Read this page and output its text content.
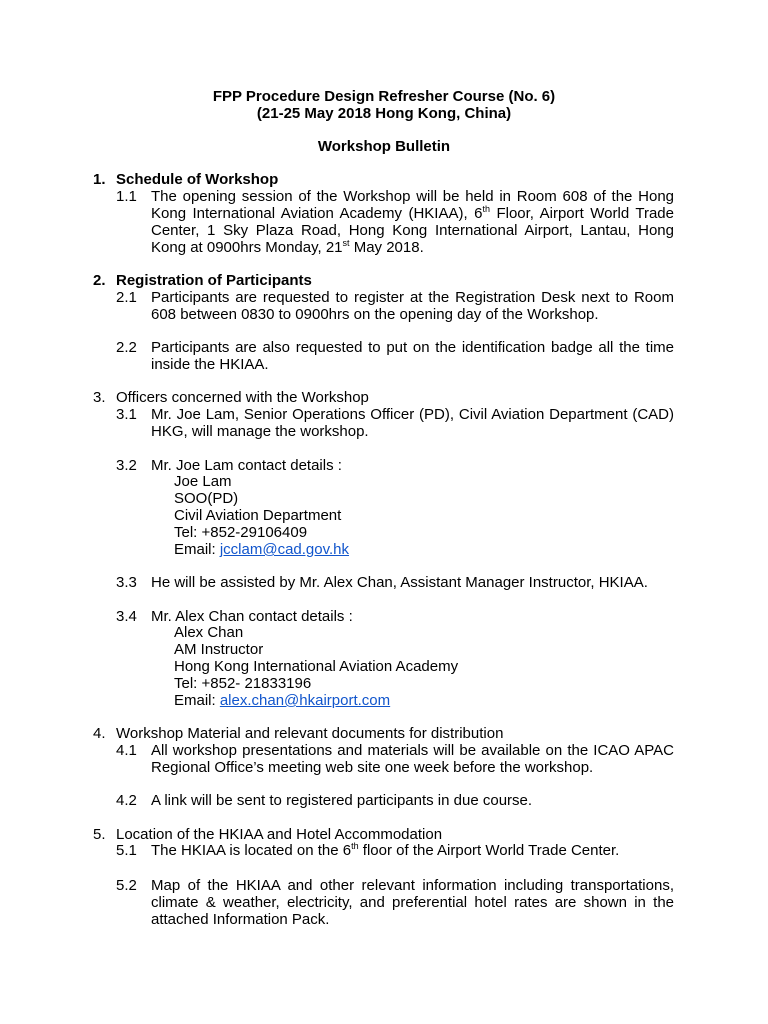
FPP Procedure Design Refresher Course (No. 6)
(21-25 May 2018 Hong Kong, China)
Workshop Bulletin
1. Schedule of Workshop
1.1 The opening session of the Workshop will be held in Room 608 of the Hong Kong International Aviation Academy (HKIAA), 6th Floor, Airport World Trade Center, 1 Sky Plaza Road, Hong Kong International Airport, Lantau, Hong Kong at 0900hrs Monday, 21st May 2018.
2. Registration of Participants
2.1 Participants are requested to register at the Registration Desk next to Room 608 between 0830 to 0900hrs on the opening day of the Workshop.
2.2 Participants are also requested to put on the identification badge all the time inside the HKIAA.
3. Officers concerned with the Workshop
3.1 Mr. Joe Lam, Senior Operations Officer (PD), Civil Aviation Department (CAD) HKG, will manage the workshop.
3.2 Mr. Joe Lam contact details :
Joe Lam
SOO(PD)
Civil Aviation Department
Tel: +852-29106409
Email: jcclam@cad.gov.hk
3.3 He will be assisted by Mr. Alex Chan, Assistant Manager Instructor, HKIAA.
3.4 Mr. Alex Chan contact details :
Alex Chan
AM Instructor
Hong Kong International Aviation Academy
Tel: +852- 21833196
Email: alex.chan@hkairport.com
4. Workshop Material and relevant documents for distribution
4.1 All workshop presentations and materials will be available on the ICAO APAC Regional Office’s meeting web site one week before the workshop.
4.2 A link will be sent to registered participants in due course.
5. Location of the HKIAA and Hotel Accommodation
5.1 The HKIAA is located on the 6th floor of the Airport World Trade Center.
5.2 Map of the HKIAA and other relevant information including transportations, climate & weather, electricity, and preferential hotel rates are shown in the attached Information Pack.
